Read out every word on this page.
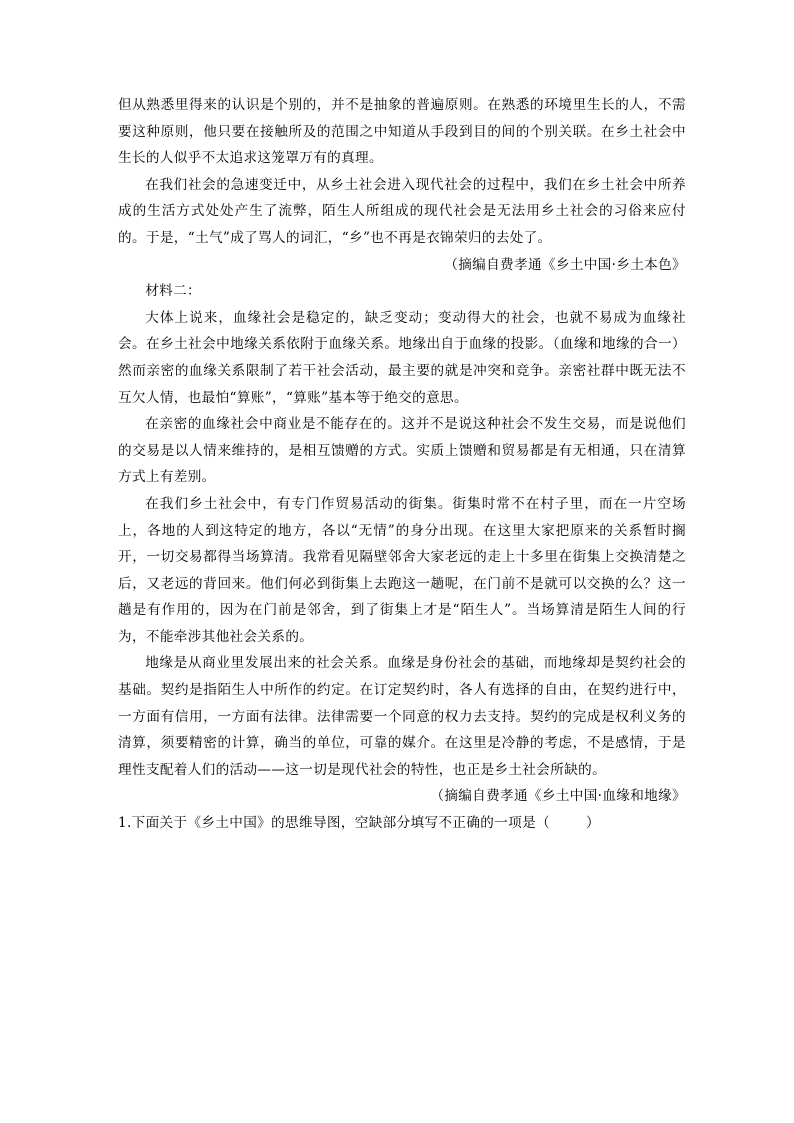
但从熟悉里得来的认识是个别的，并不是抽象的普遍原则。在熟悉的环境里生长的人，不需要这种原则，他只要在接触所及的范围之中知道从手段到目的间的个别关联。在乡土社会中生长的人似乎不太追求这笼罩万有的真理。

在我们社会的急速变迁中，从乡土社会进入现代社会的过程中，我们在乡土社会中所养成的生活方式处处产生了流弊，陌生人所组成的现代社会是无法用乡土社会的习俗来应付的。于是，“土气”成了骂人的词汇，“乡”也不再是衣锦荣归的去处了。

（摘编自费孝通《乡土中国·乡土本色》

材料二：

大体上说来，血缘社会是稳定的，缺乏变动；变动得大的社会，也就不易成为血缘社会。在乡土社会中地缘关系依附于血缘关系。地缘出自于血缘的投影。（血缘和地缘的合一）然而亲密的血缘关系限制了若干社会活动，最主要的就是冲突和竞争。亲密社群中既无法不互欠人情，也最怕“算账”，“算账”基本等于绝交的意思。

在亲密的血缘社会中商业是不能存在的。这并不是说这种社会不发生交易，而是说他们的交易是以人情来维持的，是相互馈赠的方式。实质上馈赠和贸易都是有无相通，只在清算方式上有差别。

在我们乡土社会中，有专门作贸易活动的街集。街集时常不在村子里，而在一片空场上，各地的人到这特定的地方，各以“无情”的身分出现。在这里大家把原来的关系暂时搁开，一切交易都得当场算清。我常看见隔壁邻舍大家老远的走上十多里在街集上交换清楚之后，又老远的背回来。他们何必到街集上去跑这一趟呢，在门前不是就可以交换的么？这一趟是有作用的，因为在门前是邻舍，到了街集上才是“陌生人”。当场算清是陌生人间的行为，不能牵涉其他社会关系的。

地缘是从商业里发展出来的社会关系。血缘是身份社会的基础，而地缘却是契约社会的基础。契约是指陌生人中所作的约定。在订定契约时，各人有选择的自由，在契约进行中，一方面有信用，一方面有法律。法律需要一个同意的权力去支持。契约的完成是权利义务的清算，须要精密的计算，确当的单位，可靠的媒介。在这里是冷静的考虑，不是感情，于是理性支配着人们的活动——这一切是现代社会的特性，也正是乡土社会所缺的。

（摘编自费孝通《乡土中国·血缘和地缘》

1.下面关于《乡土中国》的思维导图，空缺部分填写不正确的一项是（	）
